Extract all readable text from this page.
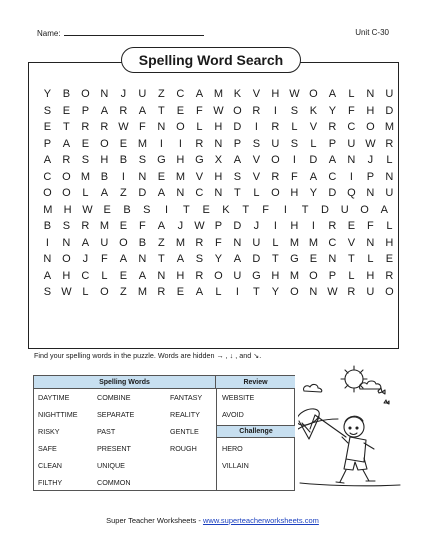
Name:	Unit C-30
Spelling Word Search
Y	B O N	J	U	Z	C	A M K	V	H W O A	L	N U
S	E	P	A	R	A	T	E	F W O R	I	S	K	Y	F	H D
E	T	R R W F	N O	L	H D	I	R	L	V	R C O M
P	A	E O E M	I	I	R N	P	S	U	S	L	P	U W R
A	R	S	H	B	S G H G X	A	V O	I	D	A	N	J	L
C O M B	I	N	E M V	H	S	V	R	F	A	C	I	P	N
O O	L	A	Z	D	A	N C N	T	L	O H	Y	D Q N U
M	H W E	B	S	I	T	E	K	T	F	I	T	D	U	O	A
B	S	R M E	F	A	J W P	D	J	I	H	I	R	E	F	L
I	N	A	U O B	Z M R	F	N U	L	M M C	V	N H
N O	J	F	A	N	T	A	S	Y	A	D	T	G E	N	T	L	E
A	H C	L	E	A	N H R O U G H M O P	L	H R
S W L	O	Z M R	E	A	L	I	T	Y O N W R U O
Find your spelling words in the puzzle. Words are hidden → , ↓ , and ↘.
Spelling Words	Review
Challenge
DAYTIME	COMBINE	FANTASY
NIGHTTIME	SEPARATE	REALITY
RISKY	PAST	GENTLE
SAFE	PRESENT	ROUGH
CLEAN	UNIQUE
FILTHY	COMMON
WEBSITE
AVOID
HERO
VILLAIN
Super Teacher Worksheets - www.superteacherworksheets.com
